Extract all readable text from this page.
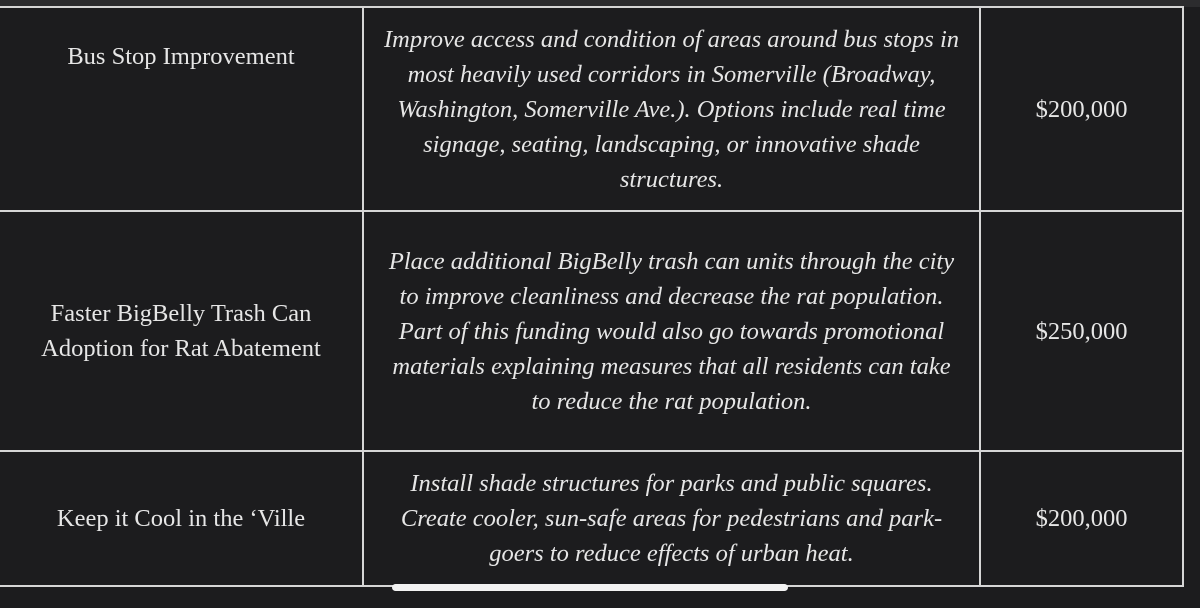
Bus Stop Improvement	Improve access and condition of areas around bus stops in most heavily used corridors in Somerville (Broadway, Washington, Somerville Ave.). Options include real time signage, seating, landscaping, or innovative shade structures.	$200,000

Faster BigBelly Trash Can Adoption for Rat Abatement	Place additional BigBelly trash can units through the city to improve cleanliness and decrease the rat population. Part of this funding would also go towards promotional materials explaining measures that all residents can take to reduce the rat population.	$250,000

Keep it Cool in the ‘Ville	Install shade structures for parks and public squares. Create cooler, sun-safe areas for pedestrians and park-goers to reduce effects of urban heat.	$200,000
